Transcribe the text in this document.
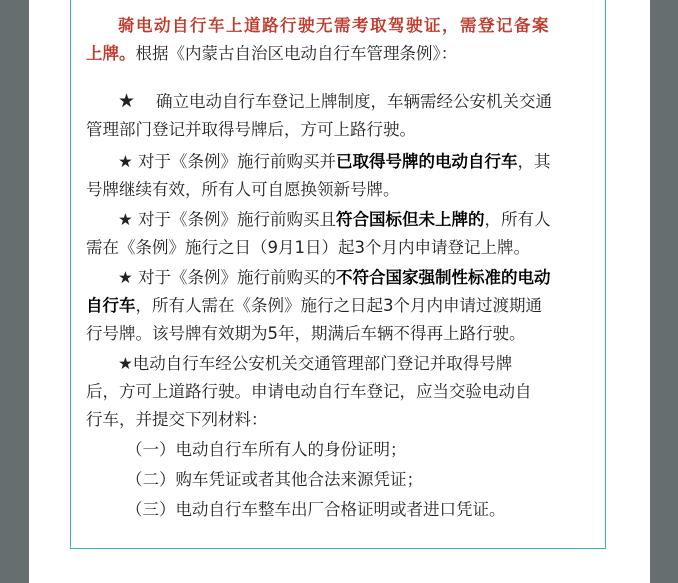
骑电动自行车上道路行驶无需考取驾驶证，需登记备案
上牌。根据《内蒙古自治区电动自行车管理条例》：
★ 确立电动自行车登记上牌制度，车辆需经公安机关交通
管理部门登记并取得号牌后，方可上路行驶。
★ 对于《条例》施行前购买并已取得号牌的电动自行车，其
号牌继续有效，所有人可自愿换领新号牌。
★ 对于《条例》施行前购买且符合国标但未上牌的，所有人
需在《条例》施行之日（9月1日）起3个月内申请登记上牌。
★ 对于《条例》施行前购买的不符合国家强制性标准的电动
自行车，所有人需在《条例》施行之日起3个月内申请过渡期通
行号牌。该号牌有效期为5年，期满后车辆不得再上路行驶。
★电动自行车经公安机关交通管理部门登记并取得号牌
后，方可上道路行驶。申请电动自行车登记，应当交验电动自
行车，并提交下列材料：
（一）电动自行车所有人的身份证明；
（二）购车凭证或者其他合法来源凭证；
（三）电动自行车整车出厂合格证明或者进口凭证。
